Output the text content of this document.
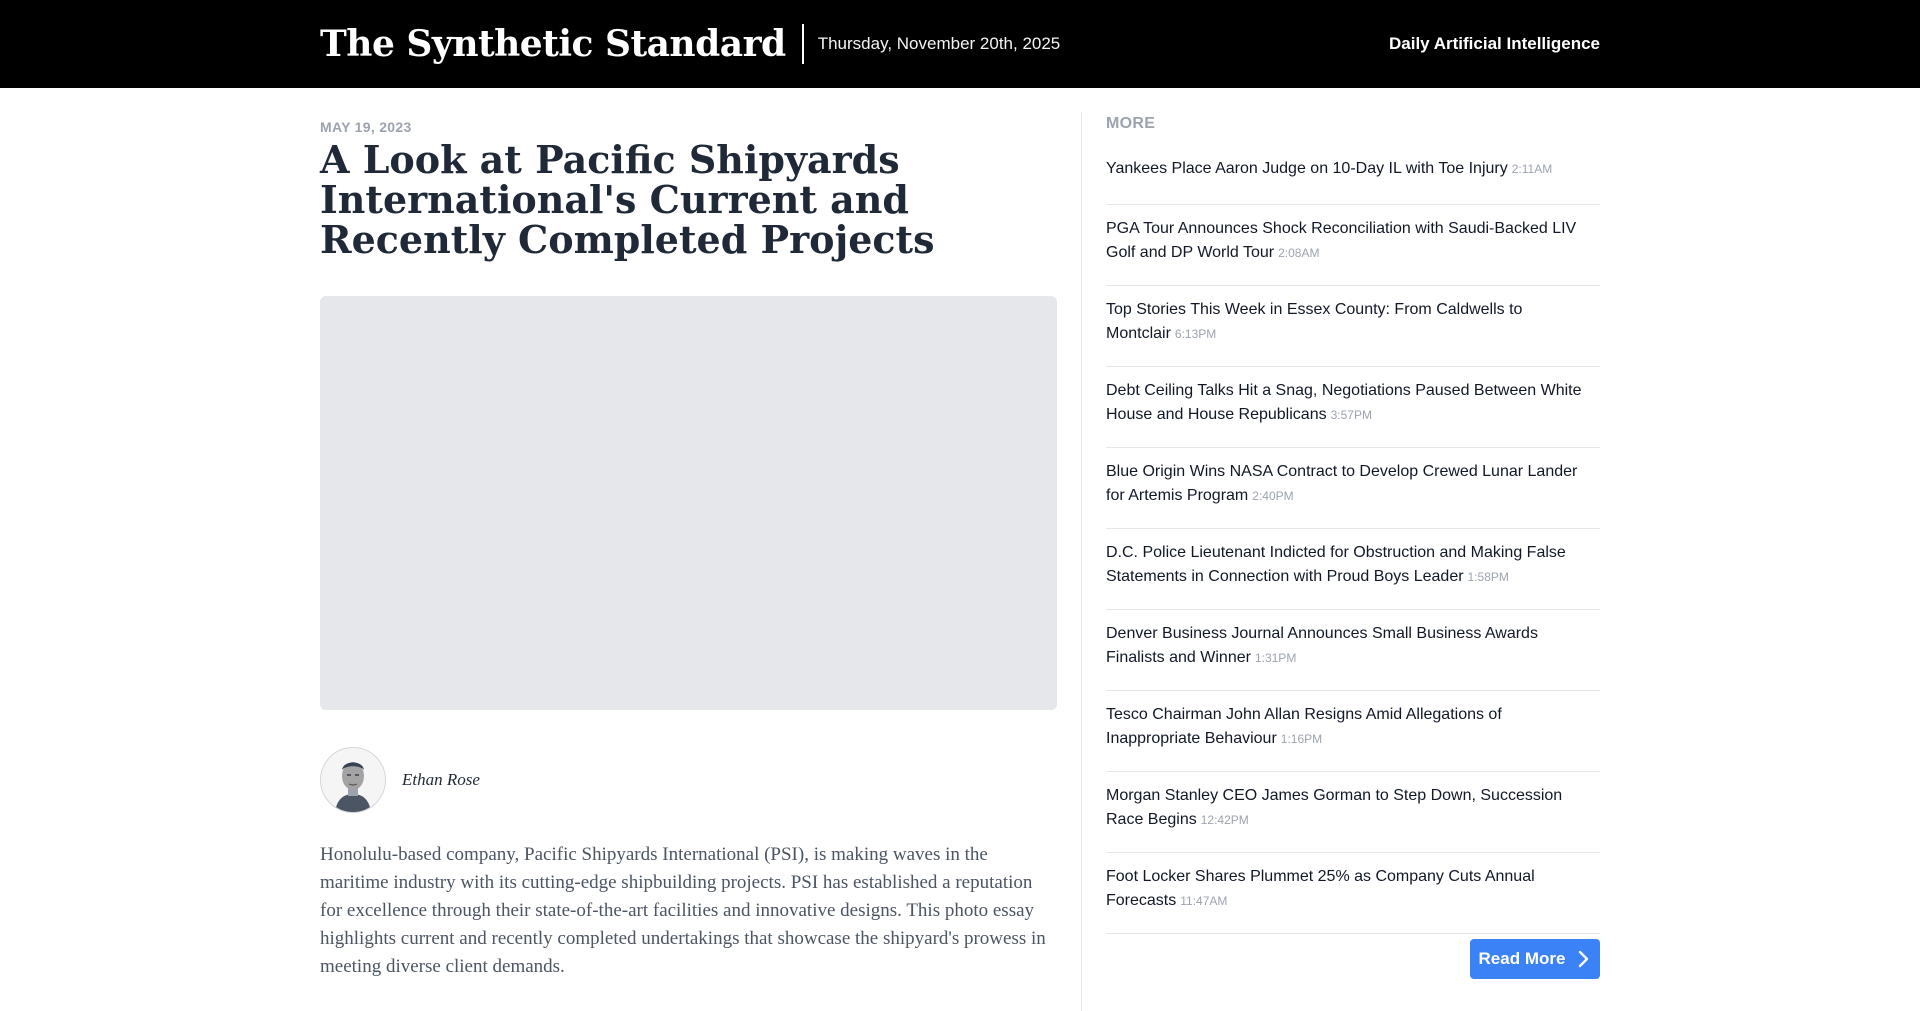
The Synthetic Standard Thursday, November 20th, 2025	Daily Artificial Intelligence
MAY 19, 2023
A Look at Pacific Shipyards International's Current and Recently Completed Projects
Ethan Rose

Honolulu-based company, Pacific Shipyards International (PSI), is making waves in the maritime industry with its cutting-edge shipbuilding projects. PSI has established a reputation for excellence through their state-of-the-art facilities and innovative designs. This photo essay highlights current and recently completed undertakings that showcase the shipyard's prowess in meeting diverse client demands.

MORE
Yankees Place Aaron Judge on 10-Day IL with Toe Injury 2:11AM
PGA Tour Announces Shock Reconciliation with Saudi-Backed LIV Golf and DP World Tour 2:08AM
Top Stories This Week in Essex County: From Caldwells to Montclair 6:13PM
Debt Ceiling Talks Hit a Snag, Negotiations Paused Between White House and House Republicans 3:57PM
Blue Origin Wins NASA Contract to Develop Crewed Lunar Lander for Artemis Program 2:40PM
D.C. Police Lieutenant Indicted for Obstruction and Making False Statements in Connection with Proud Boys Leader 1:58PM
Denver Business Journal Announces Small Business Awards Finalists and Winner 1:31PM
Tesco Chairman John Allan Resigns Amid Allegations of Inappropriate Behaviour 1:16PM
Morgan Stanley CEO James Gorman to Step Down, Succession Race Begins 12:42PM
Foot Locker Shares Plummet 25% as Company Cuts Annual Forecasts 11:47AM
Read More
